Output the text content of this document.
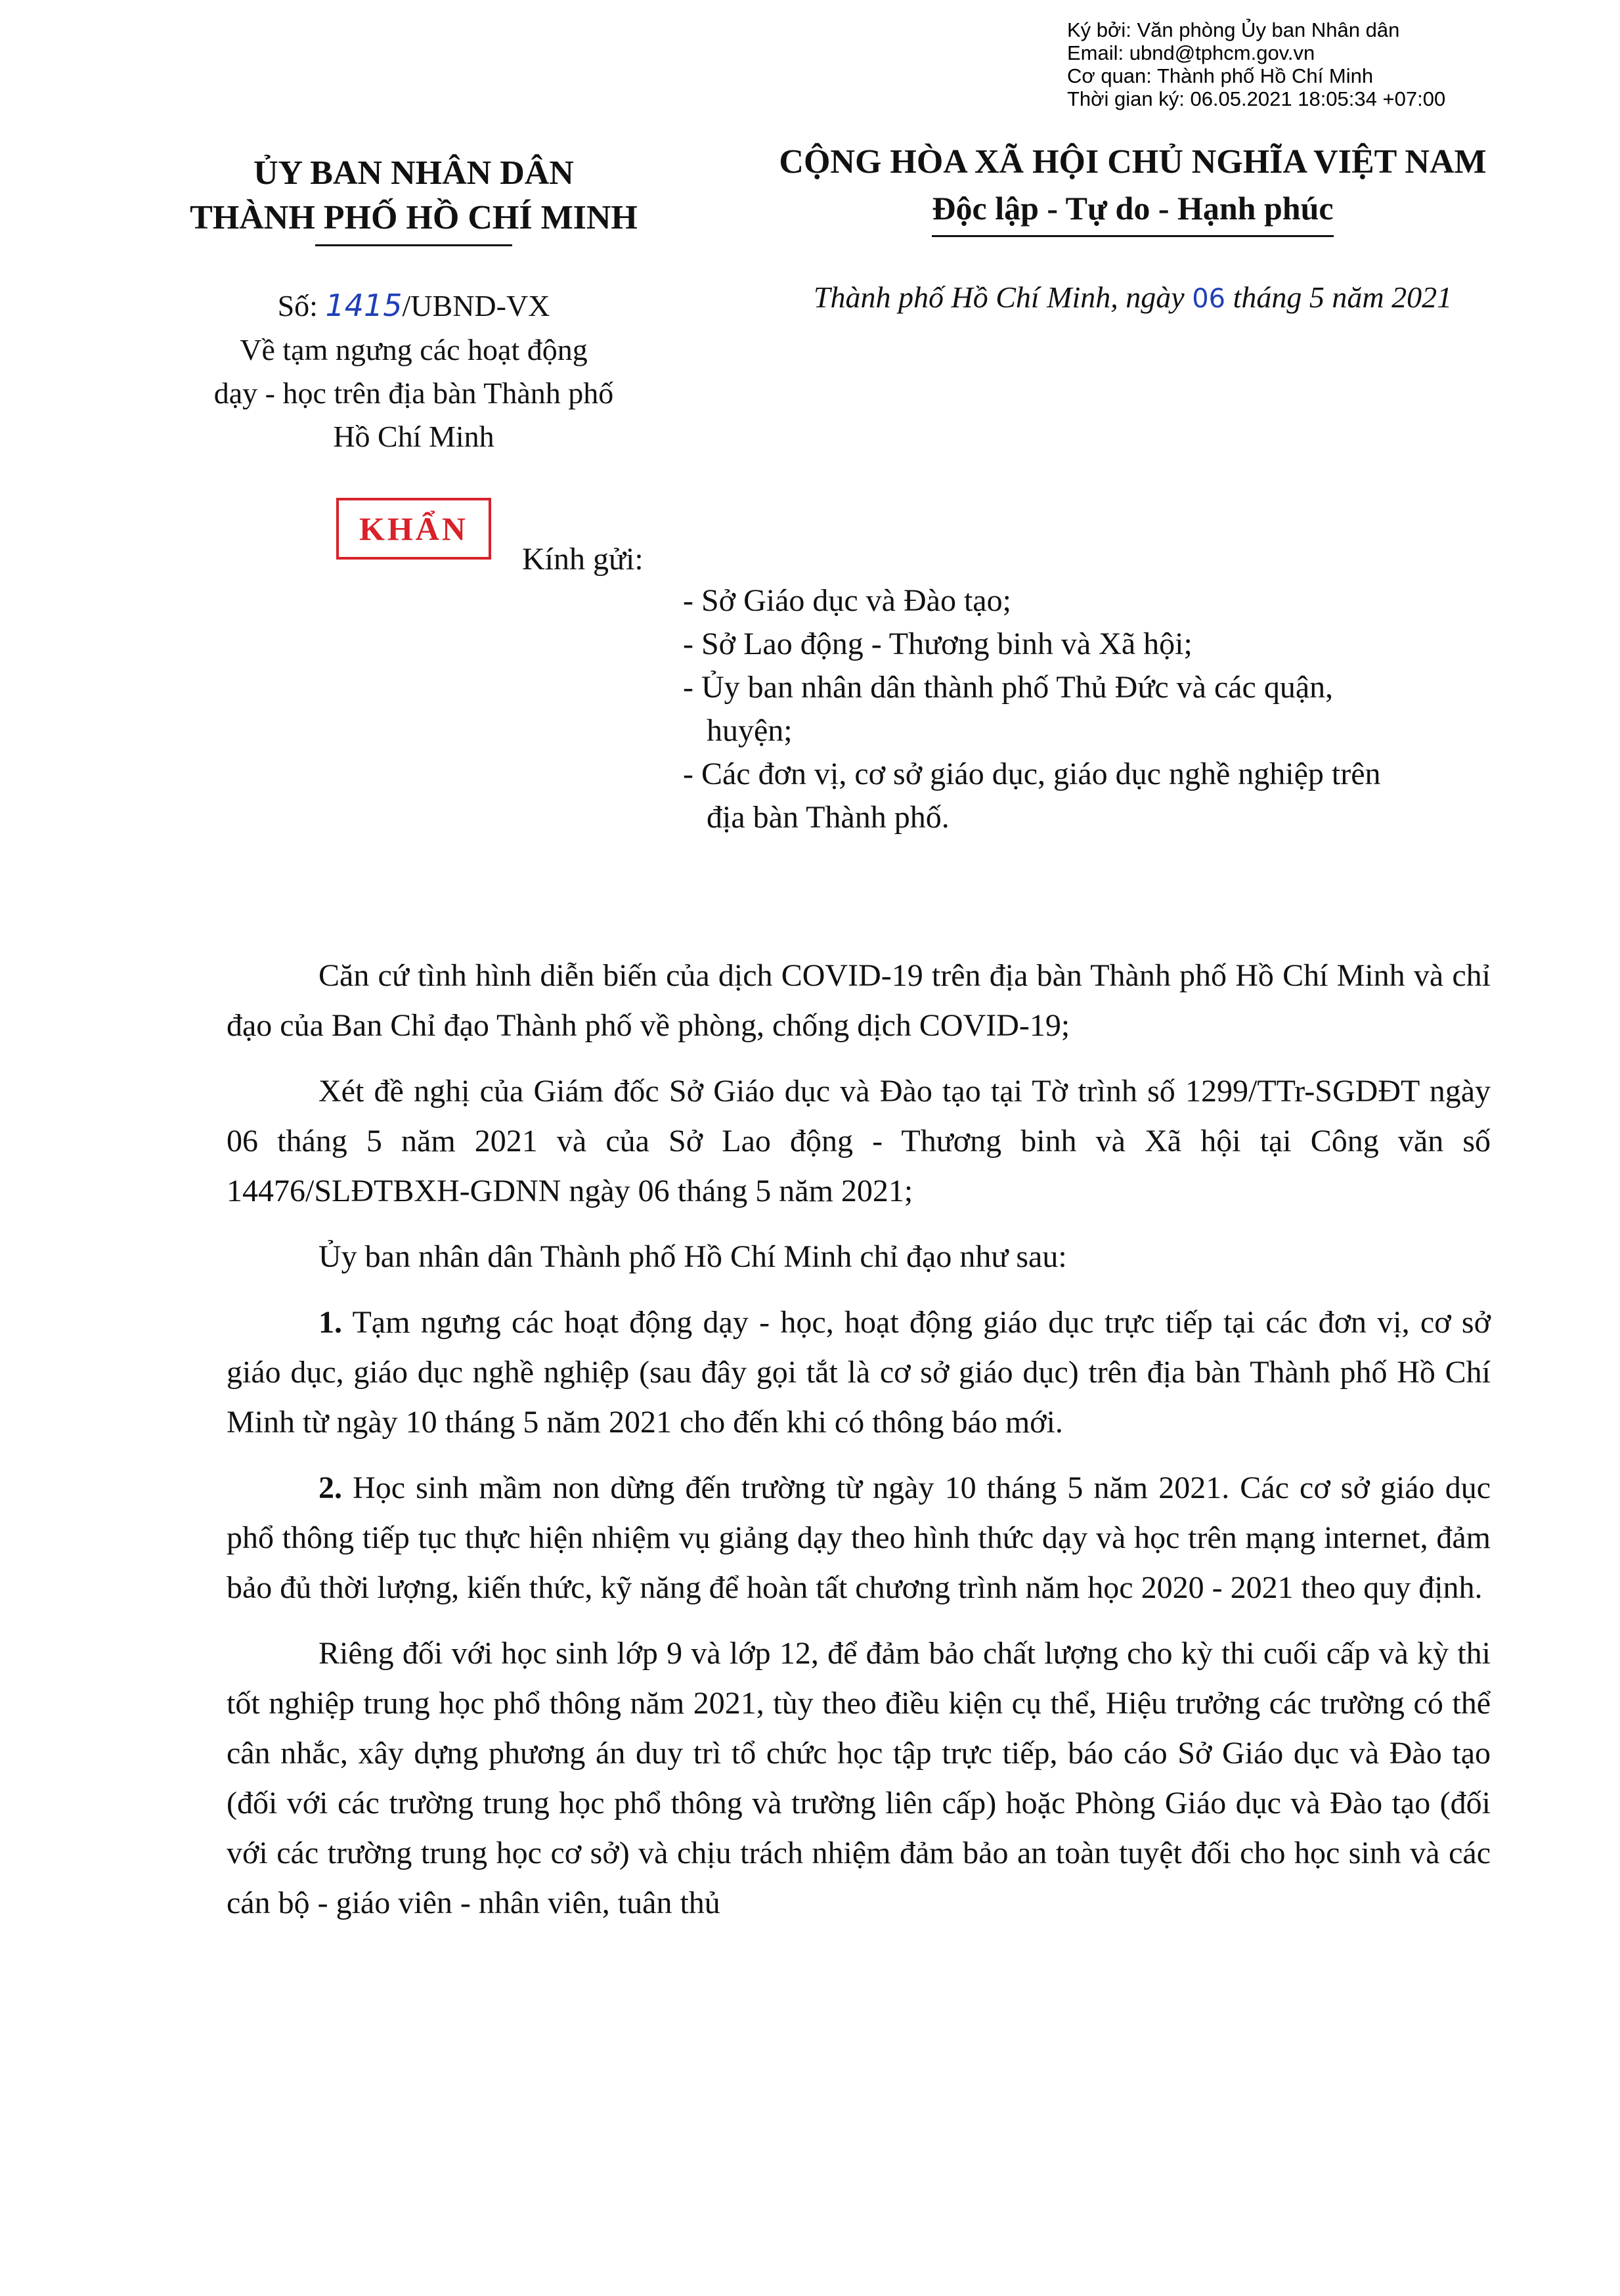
Ký bởi: Văn phòng Ủy ban Nhân dân
Email: ubnd@tphcm.gov.vn
Cơ quan: Thành phố Hồ Chí Minh
Thời gian ký: 06.05.2021 18:05:34 +07:00
ỦY BAN NHÂN DÂN
THÀNH PHỐ HỒ CHÍ MINH
Số: 1415/UBND-VX
Về tạm ngưng các hoạt động
dạy - học trên địa bàn Thành phố
Hồ Chí Minh
CỘNG HÒA XÃ HỘI CHỦ NGHĨA VIỆT NAM
Độc lập - Tự do - Hạnh phúc
Thành phố Hồ Chí Minh, ngày 06 tháng 5 năm 2021
KHẨN
Kính gửi:
- Sở Giáo dục và Đào tạo;
- Sở Lao động - Thương binh và Xã hội;
- Ủy ban nhân dân thành phố Thủ Đức và các quận, huyện;
- Các đơn vị, cơ sở giáo dục, giáo dục nghề nghiệp trên địa bàn Thành phố.

Căn cứ tình hình diễn biến của dịch COVID-19 trên địa bàn Thành phố Hồ Chí Minh và chỉ đạo của Ban Chỉ đạo Thành phố về phòng, chống dịch COVID-19;

Xét đề nghị của Giám đốc Sở Giáo dục và Đào tạo tại Tờ trình số 1299/TTr-SGDĐT ngày 06 tháng 5 năm 2021 và của Sở Lao động - Thương binh và Xã hội tại Công văn số 14476/SLĐTBXH-GDNN ngày 06 tháng 5 năm 2021;

Ủy ban nhân dân Thành phố Hồ Chí Minh chỉ đạo như sau:

1. Tạm ngưng các hoạt động dạy - học, hoạt động giáo dục trực tiếp tại các đơn vị, cơ sở giáo dục, giáo dục nghề nghiệp (sau đây gọi tắt là cơ sở giáo dục) trên địa bàn Thành phố Hồ Chí Minh từ ngày 10 tháng 5 năm 2021 cho đến khi có thông báo mới.

2. Học sinh mầm non dừng đến trường từ ngày 10 tháng 5 năm 2021. Các cơ sở giáo dục phổ thông tiếp tục thực hiện nhiệm vụ giảng dạy theo hình thức dạy và học trên mạng internet, đảm bảo đủ thời lượng, kiến thức, kỹ năng để hoàn tất chương trình năm học 2020 - 2021 theo quy định.

Riêng đối với học sinh lớp 9 và lớp 12, để đảm bảo chất lượng cho kỳ thi cuối cấp và kỳ thi tốt nghiệp trung học phổ thông năm 2021, tùy theo điều kiện cụ thể, Hiệu trưởng các trường có thể cân nhắc, xây dựng phương án duy trì tổ chức học tập trực tiếp, báo cáo Sở Giáo dục và Đào tạo (đối với các trường trung học phổ thông và trường liên cấp) hoặc Phòng Giáo dục và Đào tạo (đối với các trường trung học cơ sở) và chịu trách nhiệm đảm bảo an toàn tuyệt đối cho học sinh và các cán bộ - giáo viên - nhân viên, tuân thủ
